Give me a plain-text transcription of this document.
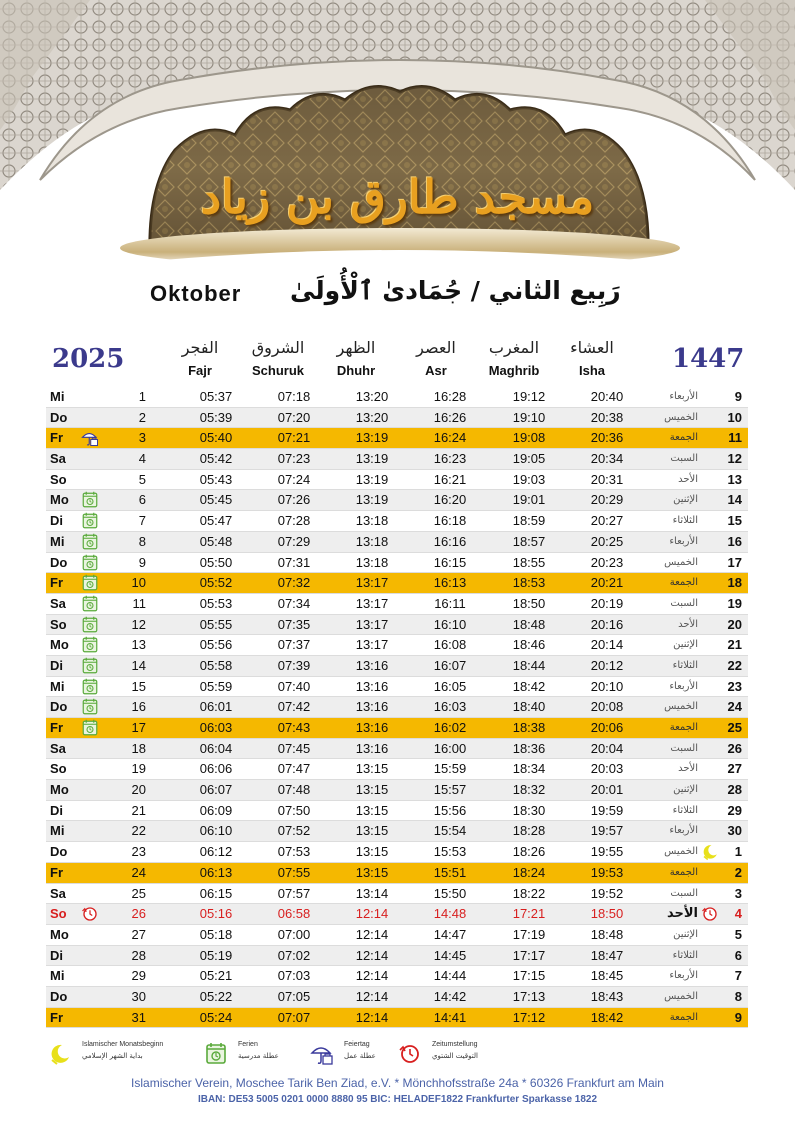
مسجد طارق بن زياد
Oktober رَبِيع الثاني / جُمَادىٰ ٱلْأُولَىٰ
2025	1447
الفجر
Fajr
الشروق
Schuruk
الظهر
Dhuhr
العصر
Asr
المغرب
Maghrib
العشاء
Isha
Mi	1	05:37	07:18	13:20	16:28	19:12	20:40	الأربعاء	9
Do	2	05:39	07:20	13:20	16:26	19:10	20:38	الخميس	10
Fr	3	05:40	07:21	13:19	16:24	19:08	20:36	الجمعة	11
Sa	4	05:42	07:23	13:19	16:23	19:05	20:34	السبت	12
So	5	05:43	07:24	13:19	16:21	19:03	20:31	الأحد	13
Mo	6	05:45	07:26	13:19	16:20	19:01	20:29	الإثنين	14
Di	7	05:47	07:28	13:18	16:18	18:59	20:27	الثلاثاء	15
Mi	8	05:48	07:29	13:18	16:16	18:57	20:25	الأربعاء	16
Do	9	05:50	07:31	13:18	16:15	18:55	20:23	الخميس	17
Fr	10	05:52	07:32	13:17	16:13	18:53	20:21	الجمعة	18
Sa	11	05:53	07:34	13:17	16:11	18:50	20:19	السبت	19
So	12	05:55	07:35	13:17	16:10	18:48	20:16	الأحد	20
Mo	13	05:56	07:37	13:17	16:08	18:46	20:14	الإثنين	21
Di	14	05:58	07:39	13:16	16:07	18:44	20:12	الثلاثاء	22
Mi	15	05:59	07:40	13:16	16:05	18:42	20:10	الأربعاء	23
Do	16	06:01	07:42	13:16	16:03	18:40	20:08	الخميس	24
Fr	17	06:03	07:43	13:16	16:02	18:38	20:06	الجمعة	25
Sa	18	06:04	07:45	13:16	16:00	18:36	20:04	السبت	26
So	19	06:06	07:47	13:15	15:59	18:34	20:03	الأحد	27
Mo	20	06:07	07:48	13:15	15:57	18:32	20:01	الإثنين	28
Di	21	06:09	07:50	13:15	15:56	18:30	19:59	الثلاثاء	29
Mi	22	06:10	07:52	13:15	15:54	18:28	19:57	الأربعاء	30
Do	23	06:12	07:53	13:15	15:53	18:26	19:55	الخميس	1
Fr	24	06:13	07:55	13:15	15:51	18:24	19:53	الجمعة	2
Sa	25	06:15	07:57	13:14	15:50	18:22	19:52	السبت	3
So	26	05:16	06:58	12:14	14:48	17:21	18:50	الأحد	4
Mo	27	05:18	07:00	12:14	14:47	17:19	18:48	الإثنين	5
Di	28	05:19	07:02	12:14	14:45	17:17	18:47	الثلاثاء	6
Mi	29	05:21	07:03	12:14	14:44	17:15	18:45	الأربعاء	7
Do	30	05:22	07:05	12:14	14:42	17:13	18:43	الخميس	8
Fr	31	05:24	07:07	12:14	14:41	17:12	18:42	الجمعة	9
Islamischer Monatsbeginn
بداية الشهر الإسلامي
Ferien
عطلة مدرسية
Feiertag
عطلة عمل
Zeitumstellung
التوقيت الشتوي
Islamischer Verein, Moschee Tarik Ben Ziad, e.V. * Mönchhofsstraße 24a * 60326 Frankfurt am Main
IBAN: DE53 5005 0201 0000 8880 95 BIC: HELADEF1822 Frankfurter Sparkasse 1822
